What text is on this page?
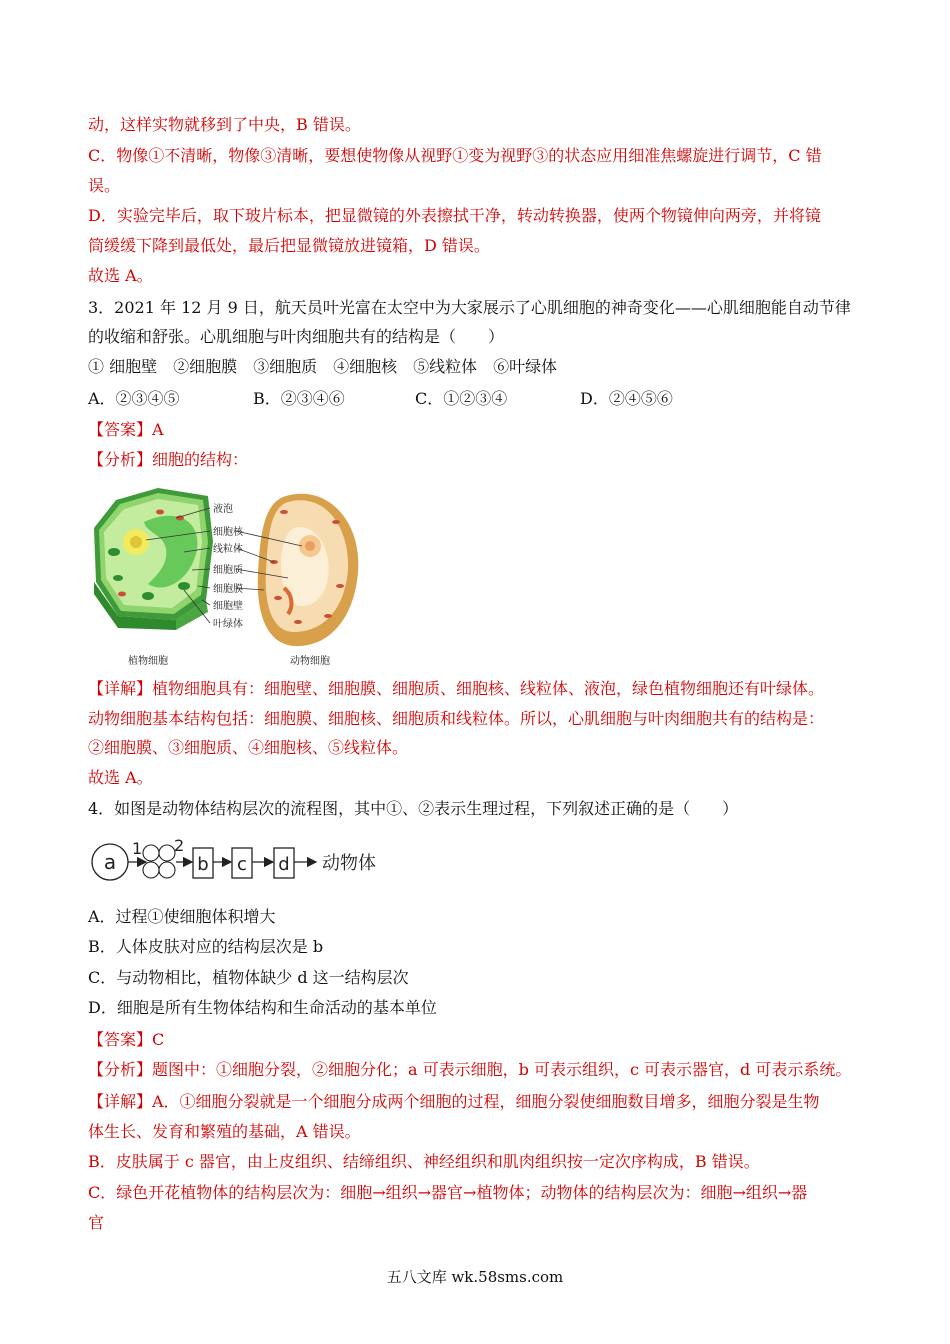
动，这样实物就移到了中央，B 错误。
C．物像①不清晰，物像③清晰，要想使物像从视野①变为视野③的状态应用细准焦螺旋进行调节，C 错
误。
D．实验完毕后，取下玻片标本，把显微镜的外表擦拭干净，转动转换器，使两个物镜伸向两旁，并将镜
筒缓缓下降到最低处，最后把显微镜放进镜箱，D 错误。
故选 A。
3．2021 年 12 月 9 日，航天员叶光富在太空中为大家展示了心肌细胞的神奇变化——心肌细胞能自动节律
的收缩和舒张。心肌细胞与叶肉细胞共有的结构是（　　）
① 细胞壁　②细胞膜　③细胞质　④细胞核　⑤线粒体　⑥叶绿体
A．②③④⑤	B．②③④⑥	C．①②③④	D．②④⑤⑥
【答案】A
【分析】细胞的结构：
液泡
细胞核
线粒体
细胞质
细胞膜
细胞壁
叶绿体
植物细胞	动物细胞
【详解】植物细胞具有：细胞壁、细胞膜、细胞质、细胞核、线粒体、液泡，绿色植物细胞还有叶绿体。
动物细胞基本结构包括：细胞膜、细胞核、细胞质和线粒体。所以，心肌细胞与叶肉细胞共有的结构是：
②细胞膜、③细胞质、④细胞核、⑤线粒体。
故选 A。
4．如图是动物体结构层次的流程图，其中①、②表示生理过程，下列叙述正确的是（　　）
a
1 2
b c d 动物体
A．过程①使细胞体积增大
B．人体皮肤对应的结构层次是 b
C．与动物相比，植物体缺少 d 这一结构层次
D．细胞是所有生物体结构和生命活动的基本单位
【答案】C
【分析】题图中：①细胞分裂，②细胞分化；a 可表示细胞，b 可表示组织，c 可表示器官，d 可表示系统。
【详解】A．①细胞分裂就是一个细胞分成两个细胞的过程，细胞分裂使细胞数目增多，细胞分裂是生物
体生长、发育和繁殖的基础，A 错误。
B．皮肤属于 c 器官，由上皮组织、结缔组织、神经组织和肌肉组织按一定次序构成，B 错误。
C．绿色开花植物体的结构层次为：细胞→组织→器官→植物体；动物体的结构层次为：细胞→组织→器
官
五八文库 wk.58sms.com
